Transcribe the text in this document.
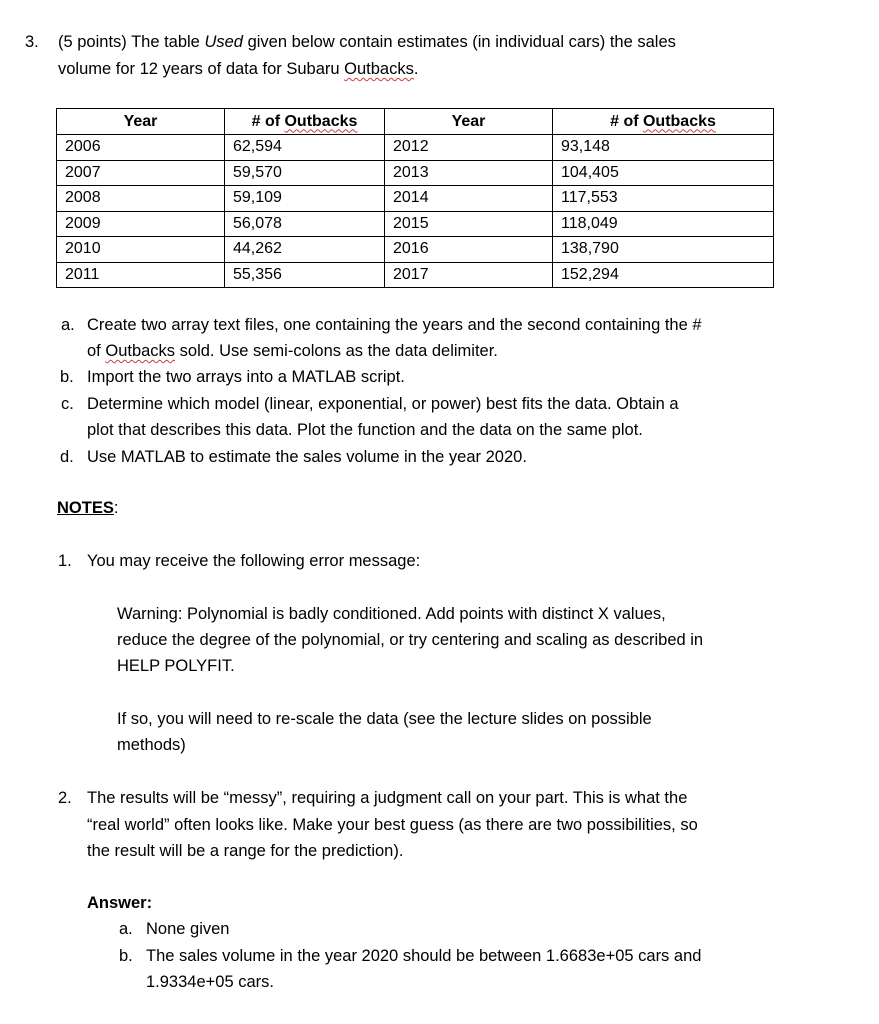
3. (5 points) The table Used given below contain estimates (in individual cars) the sales
volume for 12 years of data for Subaru Outbacks.
Year	# of Outbacks	Year	# of Outbacks
2006	62,594	2012	93,148
2007	59,570	2013	104,405
2008	59,109	2014	117,553
2009	56,078	2015	118,049
2010	44,262	2016	138,790
2011	55,356	2017	152,294
a. Create two array text files, one containing the years and the second containing the #
of Outbacks sold. Use semi-colons as the data delimiter.
b. Import the two arrays into a MATLAB script.
c. Determine which model (linear, exponential, or power) best fits the data. Obtain a
plot that describes this data. Plot the function and the data on the same plot.
d. Use MATLAB to estimate the sales volume in the year 2020.
NOTES:
1. You may receive the following error message:
Warning: Polynomial is badly conditioned. Add points with distinct X values,
reduce the degree of the polynomial, or try centering and scaling as described in
HELP POLYFIT.
If so, you will need to re-scale the data (see the lecture slides on possible
methods)
2. The results will be “messy”, requiring a judgment call on your part. This is what the
“real world” often looks like. Make your best guess (as there are two possibilities, so
the result will be a range for the prediction).
Answer:
a. None given
b. The sales volume in the year 2020 should be between 1.6683e+05 cars and
1.9334e+05 cars.
